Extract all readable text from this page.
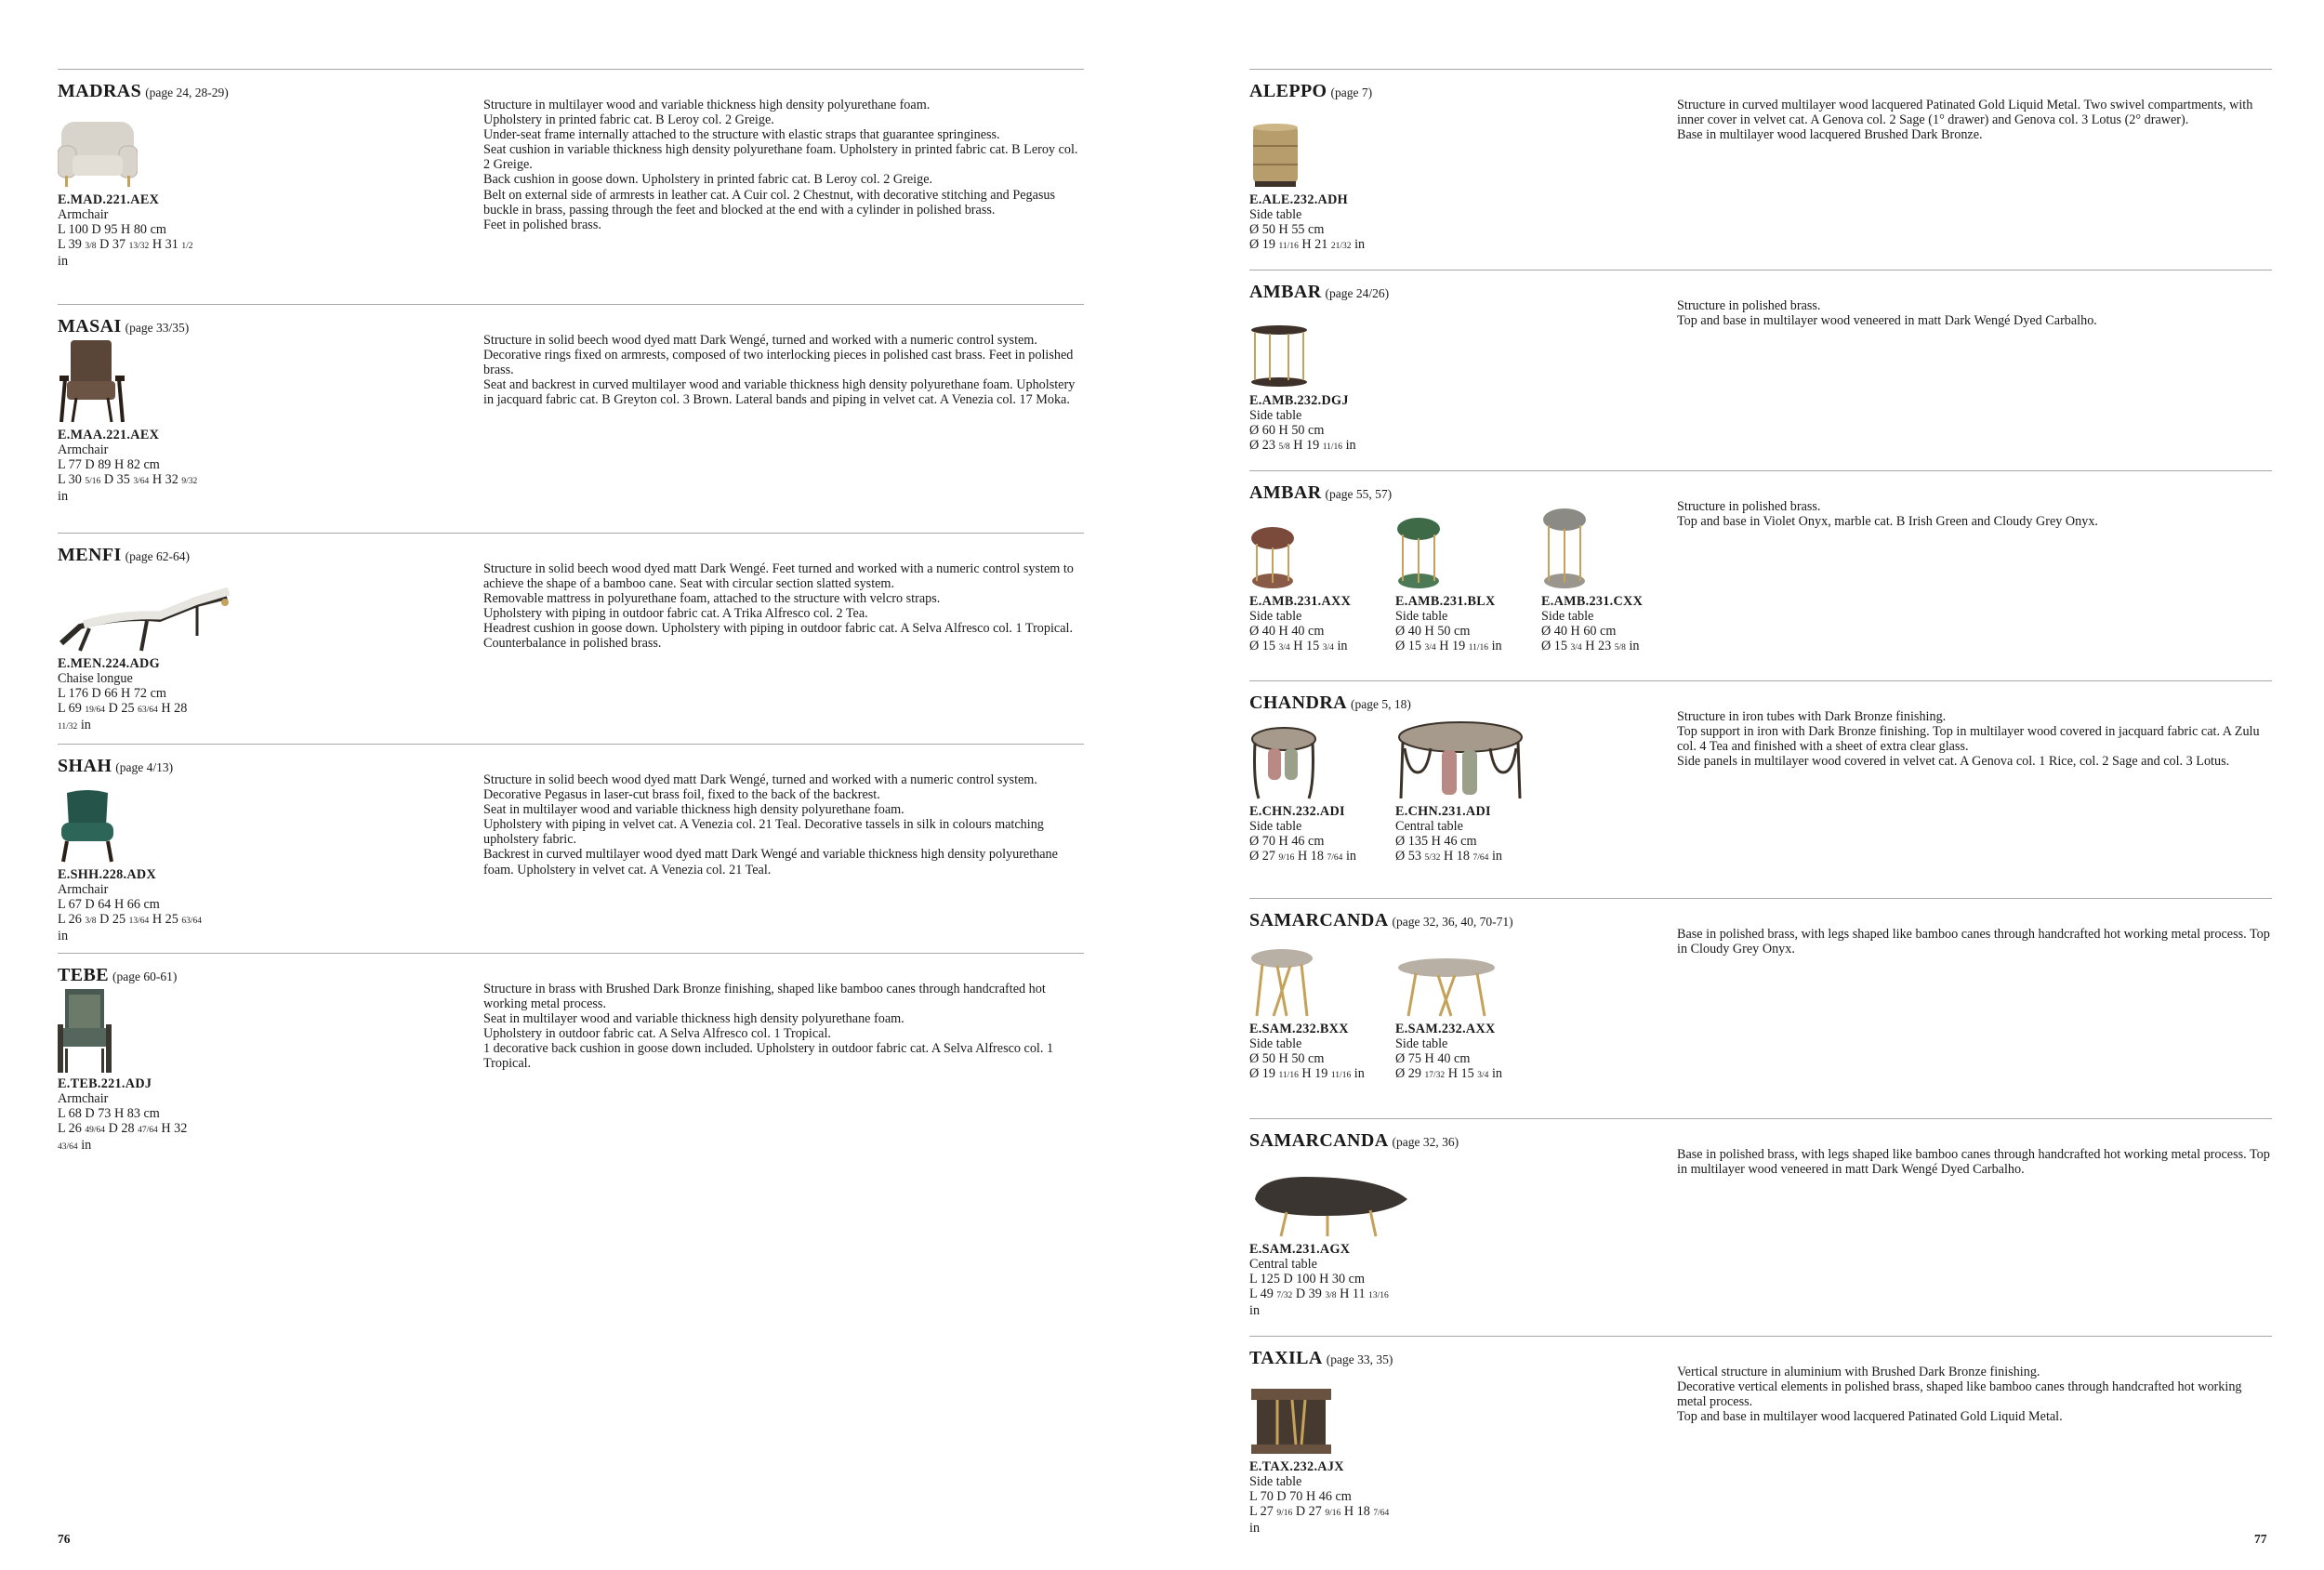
MADRAS (page 24, 28-29)
E.MAD.221.AEX
Armchair
L 100 D 95 H 80 cm
L 39 3/8 D 37 13/32 H 31 1/2 in

Structure in multilayer wood and variable thickness high density polyurethane foam.

Upholstery in printed fabric cat. B Leroy col. 2 Greige.

Under-seat frame internally attached to the structure with elastic straps that guarantee springiness.

Seat cushion in variable thickness high density polyurethane foam. Upholstery in printed fabric cat. B Leroy col. 2 Greige.

Back cushion in goose down. Upholstery in printed fabric cat. B Leroy col. 2 Greige.

Belt on external side of armrests in leather cat. A Cuir col. 2 Chestnut, with decorative stitching and Pegasus buckle in brass, passing through the feet and blocked at the end with a cylinder in polished brass.

Feet in polished brass.

MASAI (page 33/35)
E.MAA.221.AEX
Armchair
L 77 D 89 H 82 cm
L 30 5/16 D 35 3/64 H 32 9/32 in

Structure in solid beech wood dyed matt Dark Wengé, turned and worked with a numeric control system. Decorative rings fixed on armrests, composed of two interlocking pieces in polished cast brass. Feet in polished brass.

Seat and backrest in curved multilayer wood and variable thickness high density polyurethane foam. Upholstery in jacquard fabric cat. B Greyton col. 3 Brown. Lateral bands and piping in velvet cat. A Venezia col. 17 Moka.

MENFI (page 62-64)
E.MEN.224.ADG
Chaise longue
L 176 D 66 H 72 cm
L 69 19/64 D 25 63/64 H 28 11/32 in

Structure in solid beech wood dyed matt Dark Wengé. Feet turned and worked with a numeric control system to achieve the shape of a bamboo cane. Seat with circular section slatted system.

Removable mattress in polyurethane foam, attached to the structure with velcro straps.

Upholstery with piping in outdoor fabric cat. A Trika Alfresco col. 2 Tea.

Headrest cushion in goose down. Upholstery with piping in outdoor fabric cat. A Selva Alfresco col. 1 Tropical. Counterbalance in polished brass.

SHAH (page 4/13)
E.SHH.228.ADX
Armchair
L 67 D 64 H 66 cm
L 26 3/8 D 25 13/64 H 25 63/64 in

Structure in solid beech wood dyed matt Dark Wengé, turned and worked with a numeric control system. Decorative Pegasus in laser-cut brass foil, fixed to the back of the backrest.

Seat in multilayer wood and variable thickness high density polyurethane foam.

Upholstery with piping in velvet cat. A Venezia col. 21 Teal. Decorative tassels in silk in colours matching upholstery fabric.

Backrest in curved multilayer wood dyed matt Dark Wengé and variable thickness high density polyurethane foam. Upholstery in velvet cat. A Venezia col. 21 Teal.

TEBE (page 60-61)
E.TEB.221.ADJ
Armchair
L 68 D 73 H 83 cm
L 26 49/64 D 28 47/64 H 32 43/64 in

Structure in brass with Brushed Dark Bronze finishing, shaped like bamboo canes through handcrafted hot working metal process.

Seat in multilayer wood and variable thickness high density polyurethane foam.

Upholstery in outdoor fabric cat. A Selva Alfresco col. 1 Tropical.

1 decorative back cushion in goose down included. Upholstery in outdoor fabric cat. A Selva Alfresco col. 1 Tropical.

ALEPPO (page 7)
E.ALE.232.ADH
Side table
Ø 50 H 55 cm
Ø 19 11/16 H 21 21/32 in

Structure in curved multilayer wood lacquered Patinated Gold Liquid Metal. Two swivel compartments, with inner cover in velvet cat. A Genova col. 2 Sage (1° drawer) and Genova col. 3 Lotus (2° drawer).

Base in multilayer wood lacquered Brushed Dark Bronze.

AMBAR (page 24/26)
E.AMB.232.DGJ
Side table
Ø 60 H 50 cm
Ø 23 5/8 H 19 11/16 in

Structure in polished brass.

Top and base in multilayer wood veneered in matt Dark Wengé Dyed Carbalho.

AMBAR (page 55, 57)
E.AMB.231.AXX
Side table
Ø 40 H 40 cm
Ø 15 3/4 H 15 3/4 in
E.AMB.231.BLX
Side table
Ø 40 H 50 cm
Ø 15 3/4 H 19 11/16 in
E.AMB.231.CXX
Side table
Ø 40 H 60 cm
Ø 15 3/4 H 23 5/8 in

Structure in polished brass.

Top and base in Violet Onyx, marble cat. B Irish Green and Cloudy Grey Onyx.

CHANDRA (page 5, 18)
E.CHN.232.ADI
Side table
Ø 70 H 46 cm
Ø 27 9/16 H 18 7/64 in
E.CHN.231.ADI
Central table
Ø 135 H 46 cm
Ø 53 5/32 H 18 7/64 in

Structure in iron tubes with Dark Bronze finishing.

Top support in iron with Dark Bronze finishing. Top in multilayer wood covered in jacquard fabric cat. A Zulu col. 4 Tea and finished with a sheet of extra clear glass.

Side panels in multilayer wood covered in velvet cat. A Genova col. 1 Rice, col. 2 Sage and col. 3 Lotus.

SAMARCANDA (page 32, 36, 40, 70-71)
E.SAM.232.BXX
Side table
Ø 50 H 50 cm
Ø 19 11/16 H 19 11/16 in
E.SAM.232.AXX
Side table
Ø 75 H 40 cm
Ø 29 17/32 H 15 3/4 in

Base in polished brass, with legs shaped like bamboo canes through handcrafted hot working metal process. Top in Cloudy Grey Onyx.

SAMARCANDA (page 32, 36)
E.SAM.231.AGX
Central table
L 125 D 100 H 30 cm
L 49 7/32 D 39 3/8 H 11 13/16 in

Base in polished brass, with legs shaped like bamboo canes through handcrafted hot working metal process. Top in multilayer wood veneered in matt Dark Wengé Dyed Carbalho.

TAXILA (page 33, 35)
E.TAX.232.AJX
Side table
L 70 D 70 H 46 cm
L 27 9/16 D 27 9/16 H 18 7/64 in

Vertical structure in aluminium with Brushed Dark Bronze finishing.

Decorative vertical elements in polished brass, shaped like bamboo canes through handcrafted hot working metal process.

Top and base in multilayer wood lacquered Patinated Gold Liquid Metal.

76	77
